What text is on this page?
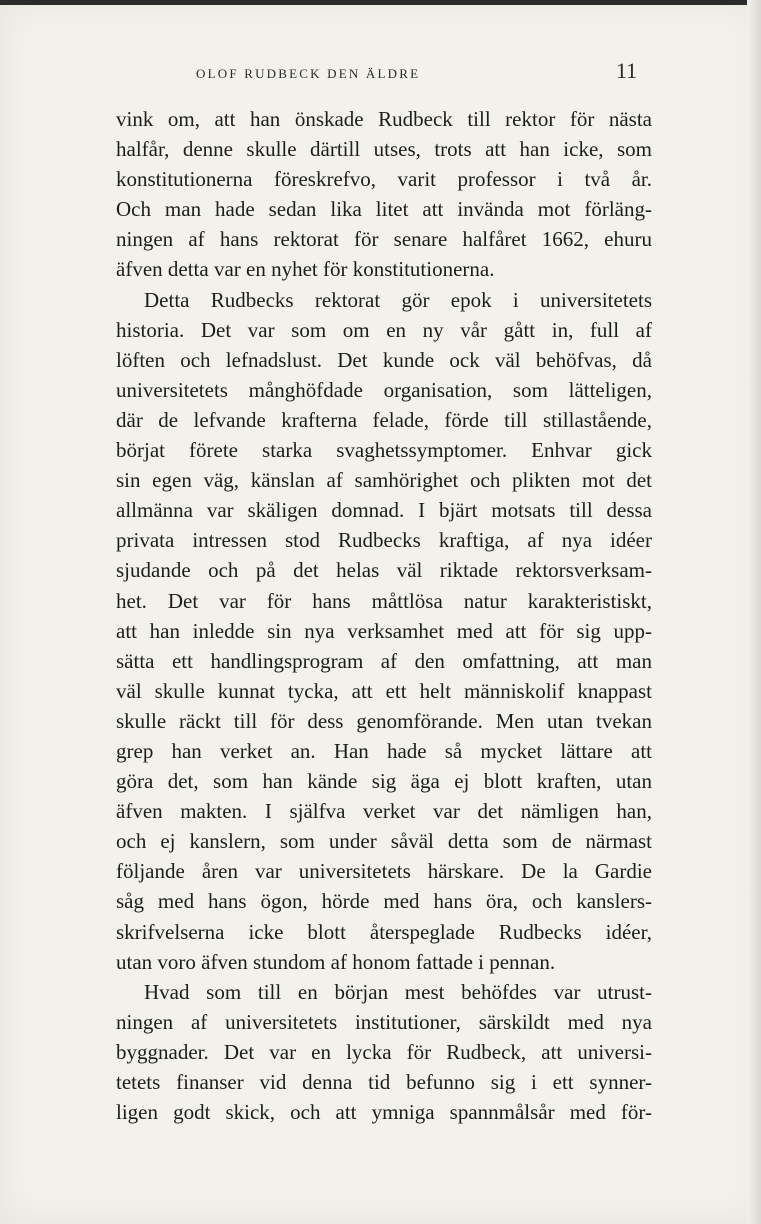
OLOF RUDBECK DEN ÄLDRE	11
vink om, att han önskade Rudbeck till rektor för nästa
halfår, denne skulle därtill utses, trots att han icke, som
konstitutionerna föreskrefvo, varit professor i två år.
Och man hade sedan lika litet att invända mot förläng-
ningen af hans rektorat för senare halfåret 1662, ehuru
äfven detta var en nyhet för konstitutionerna.
Detta Rudbecks rektorat gör epok i universitetets
historia. Det var som om en ny vår gått in, full af
löften och lefnadslust. Det kunde ock väl behöfvas, då
universitetets månghöfdade organisation, som lätteligen,
där de lefvande krafterna felade, förde till stillastående,
börjat förete starka svaghetssymptomer. Enhvar gick
sin egen väg, känslan af samhörighet och plikten mot det
allmänna var skäligen domnad. I bjärt motsats till dessa
privata intressen stod Rudbecks kraftiga, af nya idéer
sjudande och på det helas väl riktade rektorsverksam-
het. Det var för hans måttlösa natur karakteristiskt,
att han inledde sin nya verksamhet med att för sig upp-
sätta ett handlingsprogram af den omfattning, att man
väl skulle kunnat tycka, att ett helt människolif knappast
skulle räckt till för dess genomförande. Men utan tvekan
grep han verket an. Han hade så mycket lättare att
göra det, som han kände sig äga ej blott kraften, utan
äfven makten. I själfva verket var det nämligen han,
och ej kanslern, som under såväl detta som de närmast
följande åren var universitetets härskare. De la Gardie
såg med hans ögon, hörde med hans öra, och kanslers-
skrifvelserna icke blott återspeglade Rudbecks idéer,
utan voro äfven stundom af honom fattade i pennan.
Hvad som till en början mest behöfdes var utrust-
ningen af universitetets institutioner, särskildt med nya
byggnader. Det var en lycka för Rudbeck, att universi-
tetets finanser vid denna tid befunno sig i ett synner-
ligen godt skick, och att ymniga spannmålsår med för-
